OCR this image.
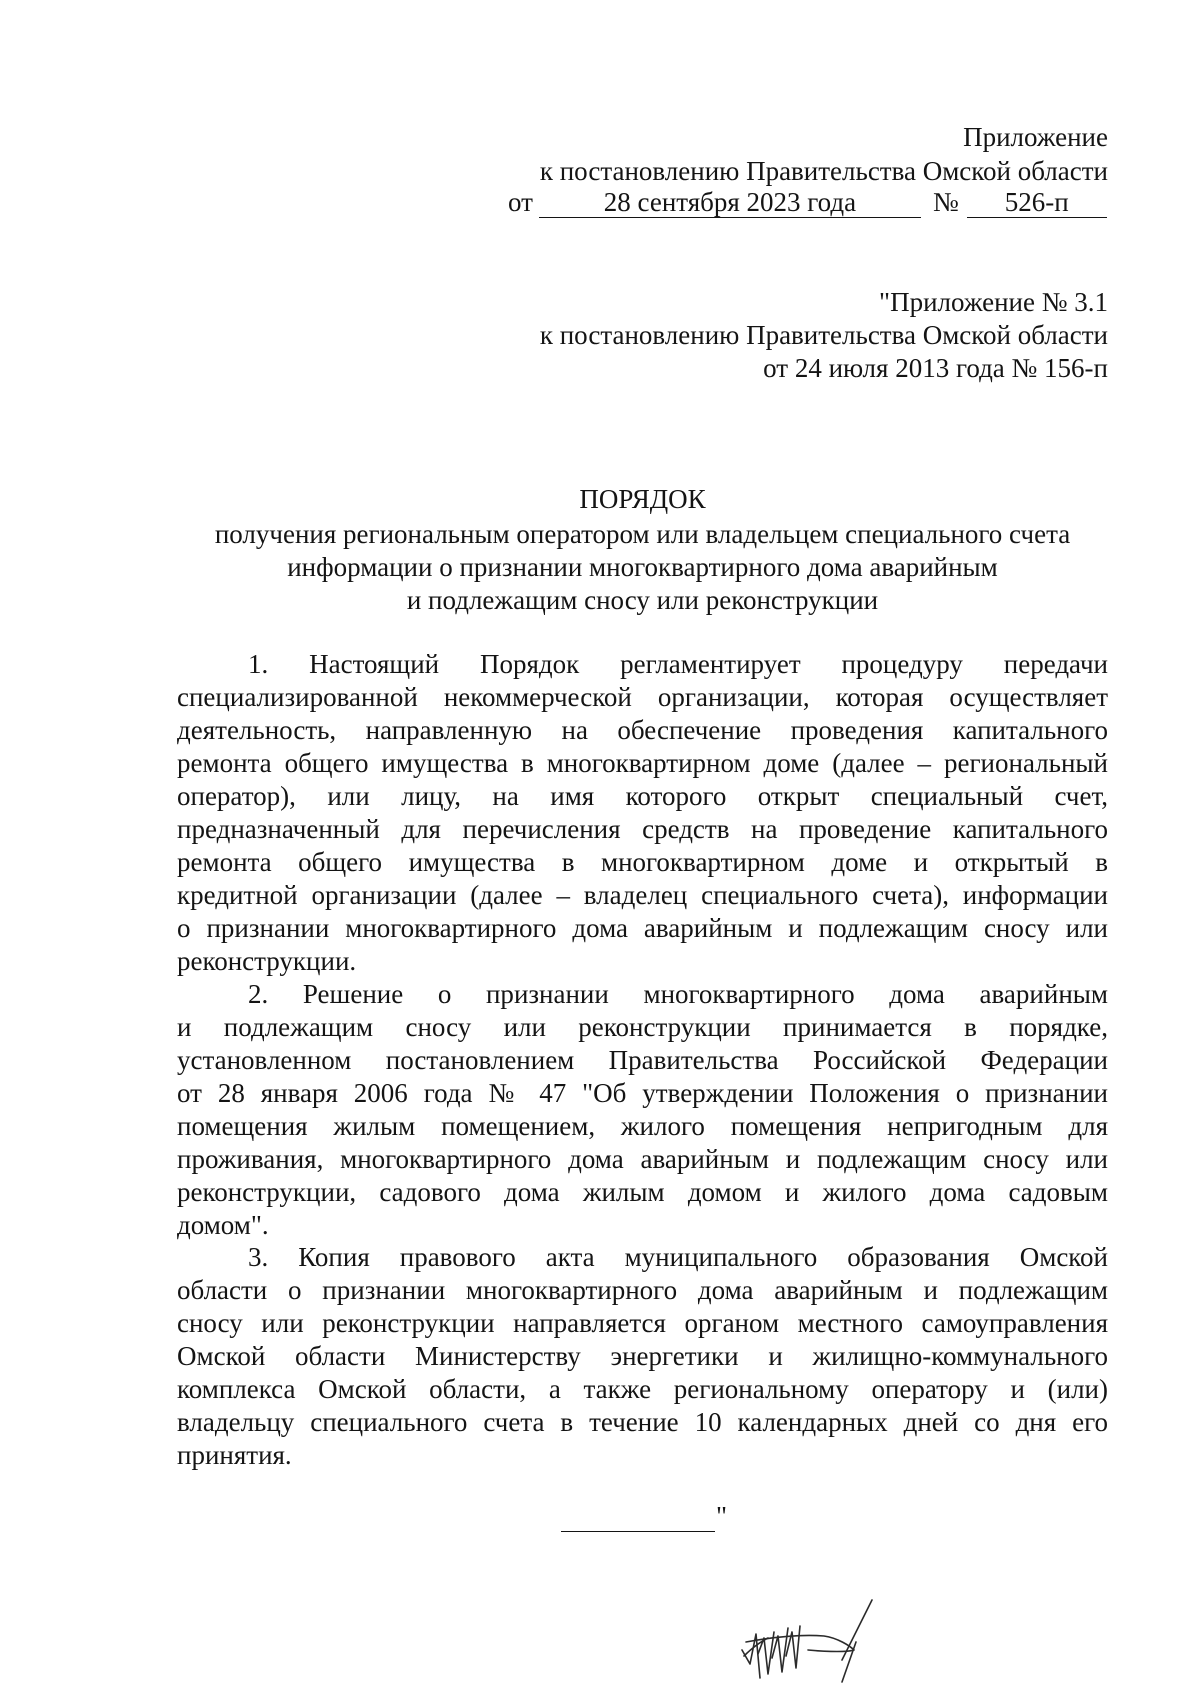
Приложение
к постановлению Правительства Омской области
от	28 сентября 2023 года	№ 526-п
"Приложение № 3.1
к постановлению Правительства Омской области
от 24 июля 2013 года № 156-п
ПОРЯДОК
получения региональным оператором или владельцем специального счета
информации о признании многоквартирного дома аварийным
и подлежащим сносу или реконструкции
1. Настоящий Порядок регламентирует процедуру передачи
специализированной некоммерческой организации, которая осуществляет
деятельность, направленную на обеспечение проведения капитального
ремонта общего имущества в многоквартирном доме (далее – региональный
оператор), или лицу, на имя которого открыт специальный счет,
предназначенный для перечисления средств на проведение капитального
ремонта общего имущества в многоквартирном доме и открытый в
кредитной организации (далее – владелец специального счета), информации
о признании многоквартирного дома аварийным и подлежащим сносу или
реконструкции.
2. Решение о признании многоквартирного дома аварийным
и подлежащим сносу или реконструкции принимается в порядке,
установленном постановлением Правительства Российской Федерации
от 28 января 2006 года № 47 "Об утверждении Положения о признании
помещения жилым помещением, жилого помещения непригодным для
проживания, многоквартирного дома аварийным и подлежащим сносу или
реконструкции, садового дома жилым домом и жилого дома садовым
домом".
3. Копия правового акта муниципального образования Омской
области о признании многоквартирного дома аварийным и подлежащим
сносу или реконструкции направляется органом местного самоуправления
Омской области Министерству энергетики и жилищно-коммунального
комплекса Омской области, а также региональному оператору и (или)
владельцу специального счета в течение 10 календарных дней со дня его
принятия.
"
